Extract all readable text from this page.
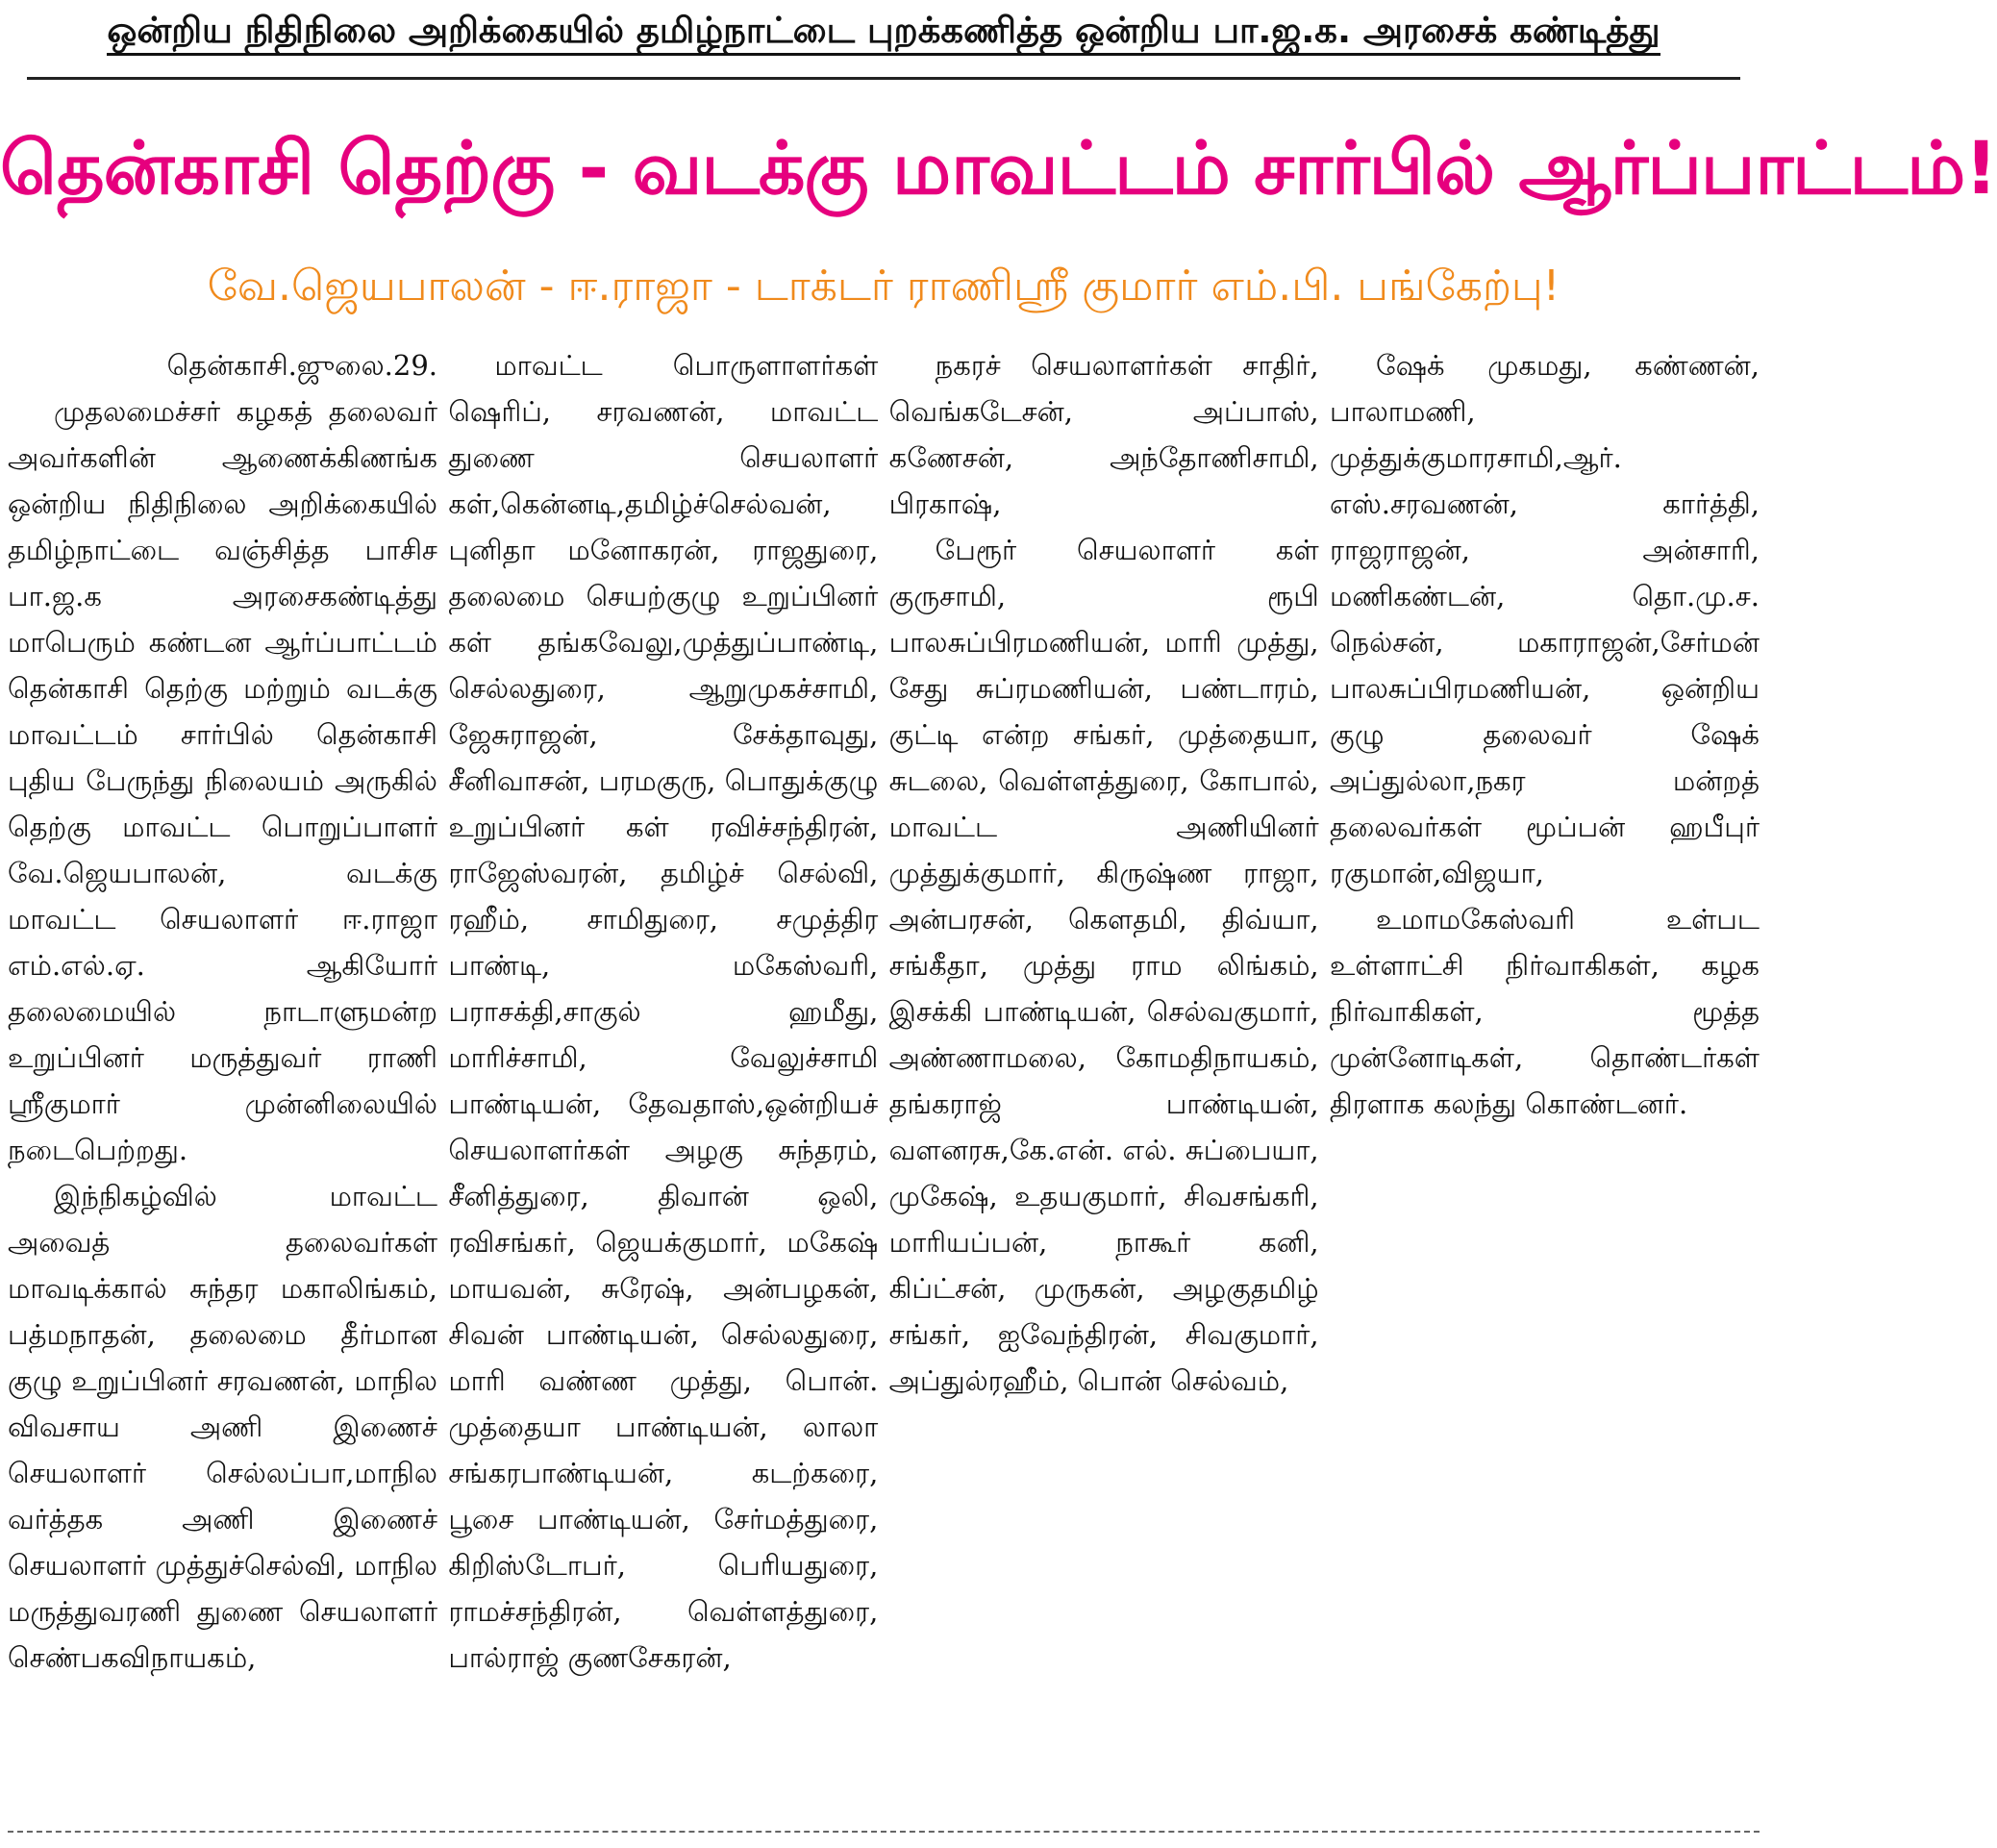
ஒன்றிய நிதிநிலை அறிக்கையில் தமிழ்நாட்டை புறக்கணித்த ஒன்றிய பா.ஜ.க. அரசைக் கண்டித்து
தென்காசி தெற்கு - வடக்கு மாவட்டம் சார்பில் ஆர்ப்பாட்டம்!
வே.ஜெயபாலன் - ஈ.ராஜா - டாக்டர் ராணிஸ்ரீ குமார் எம்.பி. பங்கேற்பு!

தென்காசி.ஜுலை.29.

முதலமைச்சர் கழகத் தலைவர் அவர்களின் ஆணைக்கிணங்க ஒன்றிய நிதிநிலை அறிக்கையில் தமிழ்நாட்டை வஞ்சித்த பாசிச பா.ஜ.க அரசைகண்டித்து மாபெரும் கண்டன ஆர்ப்பாட்டம் தென்காசி தெற்கு மற்றும் வடக்கு மாவட்டம் சார்பில் தென்காசி புதிய பேருந்து நிலையம் அருகில் தெற்கு மாவட்ட பொறுப்பாளர் வே.ஜெயபாலன், வடக்கு மாவட்ட செயலாளர் ஈ.ராஜா எம்.எல்.ஏ. ஆகியோர் தலைமையில் நாடாளுமன்ற உறுப்பினர் மருத்துவர் ராணி ஸ்ரீகுமார் முன்னிலையில் நடைபெற்றது.

இந்நிகழ்வில் மாவட்ட அவைத் தலைவர்கள் மாவடிக்கால் சுந்தர மகாலிங்கம், பத்மநாதன், தலைமை தீர்மான குழு உறுப்பினர் சரவணன், மாநில விவசாய அணி இணைச் செயலாளர் செல்லப்பா,மாநில வர்த்தக அணி இணைச் செயலாளர் முத்துச்செல்வி, மாநில மருத்துவரணி துணை செயலாளர் செண்பகவிநாயகம்,

மாவட்ட பொருளாளர்கள் ஷெரிப், சரவணன், மாவட்ட துணை செயலாளர் கள்,கென்னடி,தமிழ்ச்செல்வன், புனிதா மனோகரன், ராஜதுரை, தலைமை செயற்குழு உறுப்பினர் கள் தங்கவேலு,முத்துப்பாண்டி, செல்லதுரை, ஆறுமுகச்சாமி, ஜேசுராஜன், சேக்தாவுது, சீனிவாசன், பரமகுரு, பொதுக்குழு உறுப்பினர் கள் ரவிச்சந்திரன், ராஜேஸ்வரன், தமிழ்ச் செல்வி, ரஹீம், சாமிதுரை, சமுத்திர பாண்டி, மகேஸ்வரி, பராசக்தி,சாகுல் ஹமீது, மாரிச்சாமி, வேலுச்சாமி பாண்டியன், தேவதாஸ்,ஒன்றியச் செயலாளர்கள் அழகு சுந்தரம், சீனித்துரை, திவான் ஒலி, ரவிசங்கர், ஜெயக்குமார், மகேஷ் மாயவன், சுரேஷ், அன்பழகன், சிவன் பாண்டியன், செல்லதுரை, மாரி வண்ண முத்து, பொன். முத்தையா பாண்டியன், லாலா சங்கரபாண்டியன், கடற்கரை, பூசை பாண்டியன், சேர்மத்துரை, கிறிஸ்டோபர், பெரியதுரை, ராமச்சந்திரன், வெள்ளத்துரை, பால்ராஜ் குணசேகரன்,

நகரச் செயலாளர்கள் சாதிர், வெங்கடேசன், அப்பாஸ், கணேசன், அந்தோணிசாமி, பிரகாஷ்,

பேரூர் செயலாளர் கள் குருசாமி, ரூபி பாலசுப்பிரமணியன், மாரி முத்து, சேது சுப்ரமணியன், பண்டாரம், குட்டி என்ற சங்கர், முத்தையா, சுடலை, வெள்ளத்துரை, கோபால், மாவட்ட அணியினர் முத்துக்குமார், கிருஷ்ண ராஜா, அன்பரசன், கௌதமி, திவ்யா, சங்கீதா, முத்து ராம லிங்கம், இசக்கி பாண்டியன், செல்வகுமார், அண்ணாமலை, கோமதிநாயகம், தங்கராஜ் பாண்டியன், வளனரசு,கே.என். எல். சுப்பையா, முகேஷ், உதயகுமார், சிவசங்கரி, மாரியப்பன், நாகூர் கனி, கிப்ட்சன், முருகன், அழகுதமிழ் சங்கர், ஐவேந்திரன், சிவகுமார், அப்துல்ரஹீம், பொன் செல்வம்,

ஷேக் முகமது, கண்ணன், பாலாமணி, முத்துக்குமாரசாமி,ஆர். எஸ்.சரவணன், கார்த்தி, ராஜராஜன், அன்சாரி, மணிகண்டன், தொ.மு.ச. நெல்சன், மகாராஜன்,சேர்மன் பாலசுப்பிரமணியன், ஒன்றிய குழு தலைவர் ஷேக் அப்துல்லா,நகர மன்றத் தலைவர்கள் மூப்பன் ஹபீபுர் ரகுமான்,விஜயா,

உமாமகேஸ்வரி உள்பட உள்ளாட்சி நிர்வாகிகள், கழக நிர்வாகிகள், மூத்த முன்னோடிகள், தொண்டர்கள் திரளாக கலந்து கொண்டனர்.
